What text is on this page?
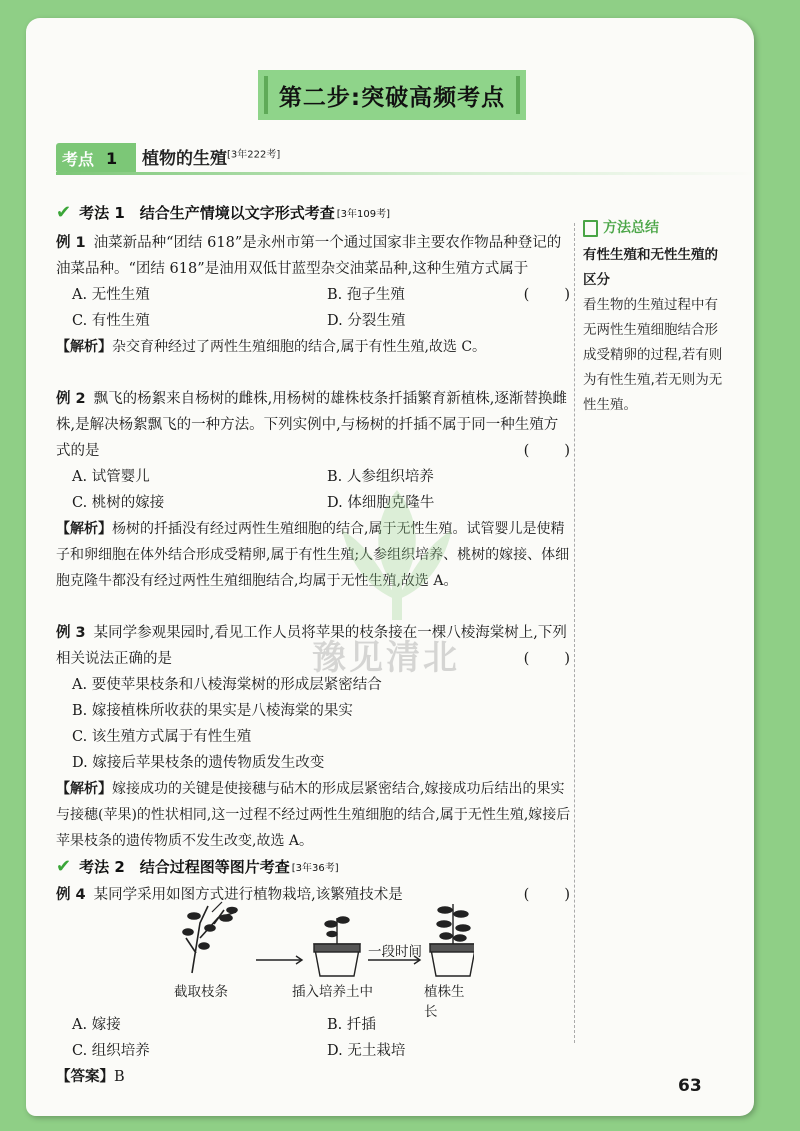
第二步:突破高频考点
考点 1 植物的生殖[3年222考]
✔ 考法 1　结合生产情境以文字形式考查 [3年109考]
例 1 油菜新品种“团结 618”是永州市第一个通过国家非主要农作物品种登记的油菜品种。“团结 618”是油用双低甘蓝型杂交油菜品种,这种生殖方式属于
(　　)
A. 无性生殖	B. 孢子生殖
C. 有性生殖	D. 分裂生殖
【解析】杂交育种经过了两性生殖细胞的结合,属于有性生殖,故选 C。
例 2 飘飞的杨絮来自杨树的雌株,用杨树的雄株枝条扦插繁育新植株,逐渐替换雌株,是解决杨絮飘飞的一种方法。下列实例中,与杨树的扦插不属于同一种生殖方式的是	(　　)
A. 试管婴儿	B. 人参组织培养
C. 桃树的嫁接	D. 体细胞克隆牛
【解析】杨树的扦插没有经过两性生殖细胞的结合,属于无性生殖。试管婴儿是使精子和卵细胞在体外结合形成受精卵,属于有性生殖;人参组织培养、桃树的嫁接、体细胞克隆牛都没有经过两性生殖细胞结合,均属于无性生殖,故选 A。
例 3 某同学参观果园时,看见工作人员将苹果的枝条接在一棵八棱海棠树上,下列相关说法正确的是	(　　)
A. 要使苹果枝条和八棱海棠树的形成层紧密结合
B. 嫁接植株所收获的果实是八棱海棠的果实
C. 该生殖方式属于有性生殖
D. 嫁接后苹果枝条的遗传物质发生改变
【解析】嫁接成功的关键是使接穗与砧木的形成层紧密结合,嫁接成功后结出的果实与接穗(苹果)的性状相同,这一过程不经过两性生殖细胞的结合,属于无性生殖,嫁接后苹果枝条的遗传物质不发生改变,故选 A。
✔ 考法 2　结合过程图等图片考查 [3年36考]
例 4 某同学采用如图方式进行植物栽培,该繁殖技术是	(　　)
截取枝条	插入培养土中
一段时间
植株生长
A. 嫁接	B. 扦插
C. 组织培养	D. 无土栽培
【答案】B
方法总结
有性生殖和无性生殖的区分
看生物的生殖过程中有无两性生殖细胞结合形成受精卵的过程,若有则为有性生殖,若无则为无性生殖。
豫见清北
63
